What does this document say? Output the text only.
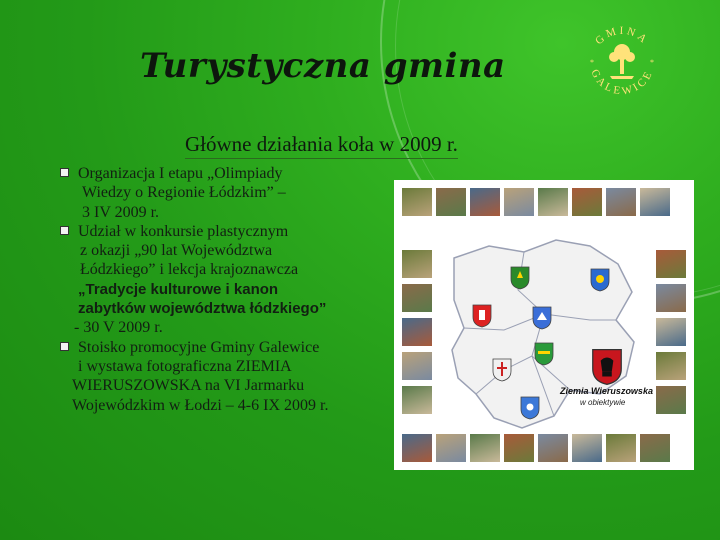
Turystyczna gmina
GMINA
GALEWICE
*	*
Główne działania koła w 2009 r.
Organizacja I etapu „Olimpiady
Wiedzy o Regionie Łódzkim” –
3 IV 2009 r.
Udział w konkursie plastycznym
z okazji „90 lat Województwa
Łódzkiego” i lekcja krajoznawcza
„Tradycje kulturowe i kanon
zabytków województwa łódzkiego”
- 30 V 2009 r.
Stoisko promocyjne Gminy Galewice
i wystawa fotograficzna ZIEMIA
WIERUSZOWSKA na VI Jarmarku
Wojewódzkim w Łodzi – 4-6 IX 2009 r.
Ziemia Wieruszowska
w obiektywie
